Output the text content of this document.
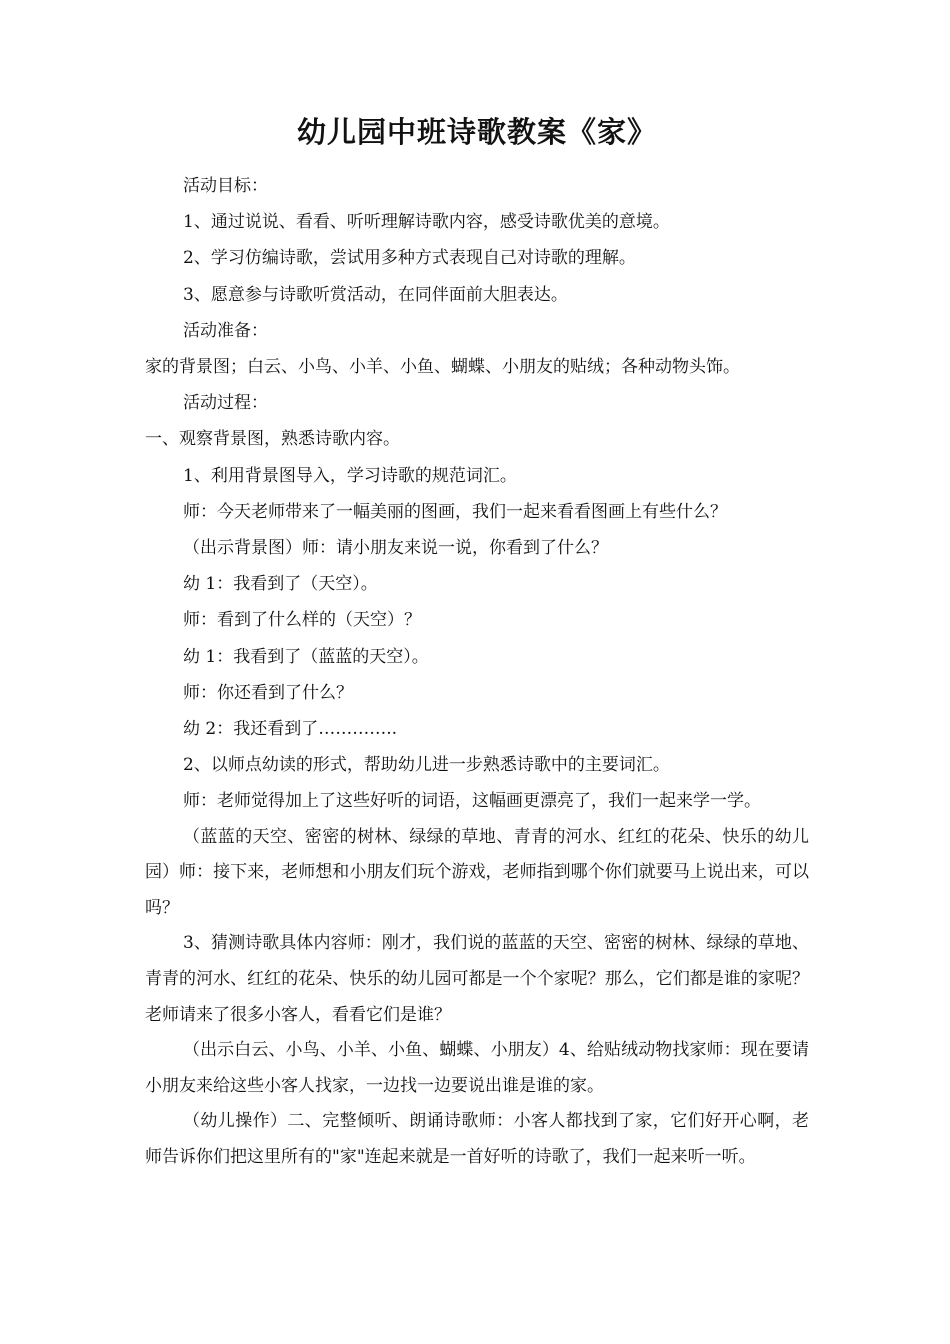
幼儿园中班诗歌教案《家》

活动目标：

1、通过说说、看看、听听理解诗歌内容，感受诗歌优美的意境。

2、学习仿编诗歌，尝试用多种方式表现自己对诗歌的理解。

3、愿意参与诗歌听赏活动，在同伴面前大胆表达。

活动准备：

家的背景图；白云、小鸟、小羊、小鱼、蝴蝶、小朋友的贴绒；各种动物头饰。

活动过程：

一、观察背景图，熟悉诗歌内容。

1、利用背景图导入，学习诗歌的规范词汇。

师：今天老师带来了一幅美丽的图画，我们一起来看看图画上有些什么？

（出示背景图）师：请小朋友来说一说，你看到了什么？

幼 1：我看到了（天空）。

师：看到了什么样的（天空）？

幼 1：我看到了（蓝蓝的天空）。

师：你还看到了什么？

幼 2：我还看到了…………..

2、以师点幼读的形式，帮助幼儿进一步熟悉诗歌中的主要词汇。

师：老师觉得加上了这些好听的词语，这幅画更漂亮了，我们一起来学一学。

（蓝蓝的天空、密密的树林、绿绿的草地、青青的河水、红红的花朵、快乐的幼儿园）师：接下来，老师想和小朋友们玩个游戏，老师指到哪个你们就要马上说出来，可以吗？

3、猜测诗歌具体内容师：刚才，我们说的蓝蓝的天空、密密的树林、绿绿的草地、青青的河水、红红的花朵、快乐的幼儿园可都是一个个家呢？那么，它们都是谁的家呢？老师请来了很多小客人，看看它们是谁？

（出示白云、小鸟、小羊、小鱼、蝴蝶、小朋友）4、给贴绒动物找家师：现在要请小朋友来给这些小客人找家，一边找一边要说出谁是谁的家。

（幼儿操作）二、完整倾听、朗诵诗歌师：小客人都找到了家，它们好开心啊，老师告诉你们把这里所有的"家"连起来就是一首好听的诗歌了，我们一起来听一听。
